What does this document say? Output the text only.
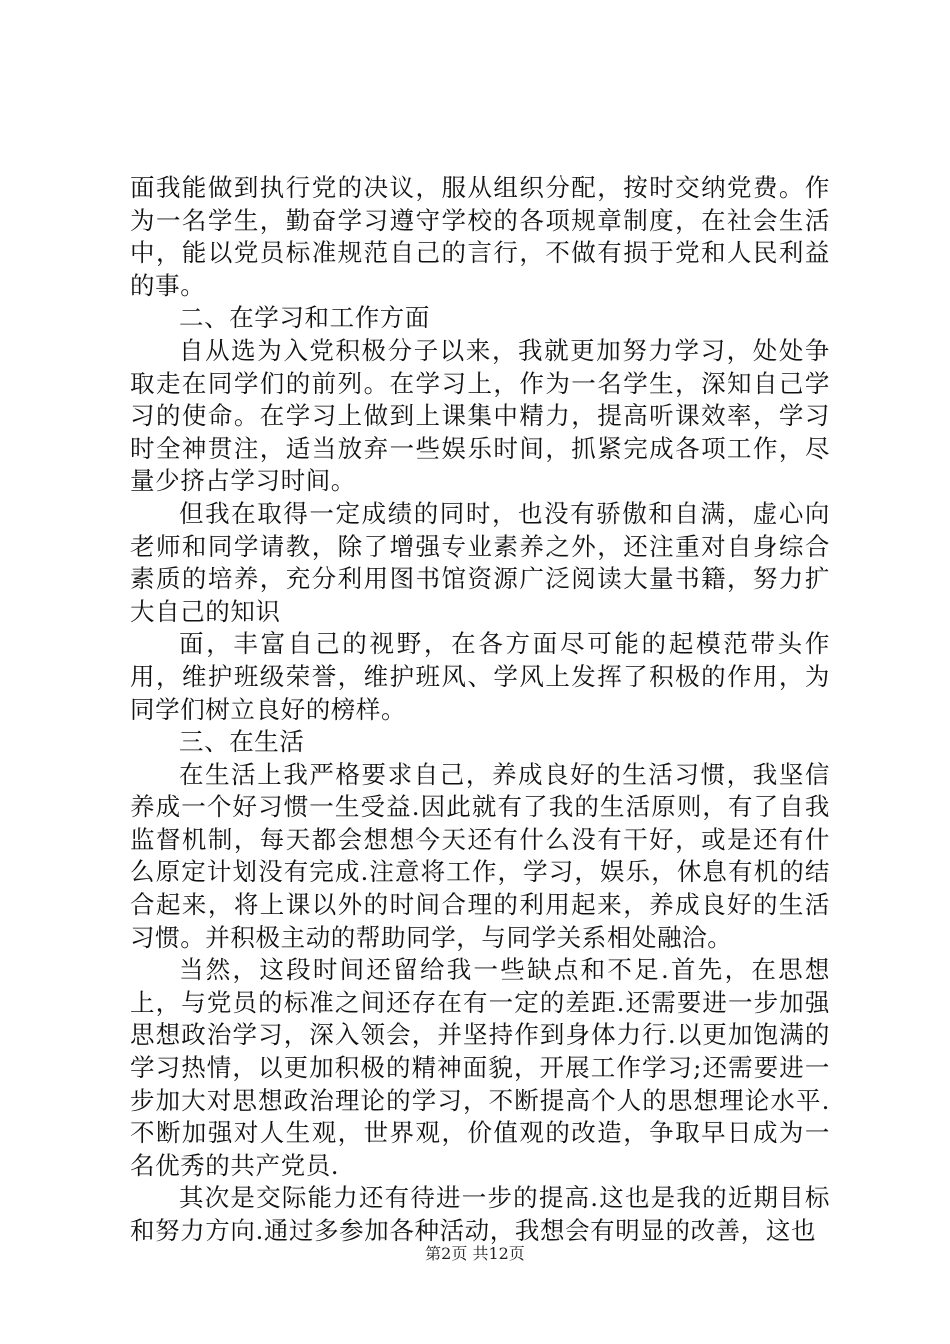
面我能做到执行党的决议，服从组织分配，按时交纳党费。作为一名学生，勤奋学习遵守学校的各项规章制度，在社会生活中，能以党员标准规范自己的言行，不做有损于党和人民利益的事。

二、在学习和工作方面

自从选为入党积极分子以来，我就更加努力学习，处处争取走在同学们的前列。在学习上，作为一名学生，深知自己学习的使命。在学习上做到上课集中精力，提高听课效率，学习时全神贯注，适当放弃一些娱乐时间，抓紧完成各项工作，尽量少挤占学习时间。

但我在取得一定成绩的同时，也没有骄傲和自满，虚心向老师和同学请教，除了增强专业素养之外，还注重对自身综合素质的培养，充分利用图书馆资源广泛阅读大量书籍，努力扩大自己的知识

面，丰富自己的视野，在各方面尽可能的起模范带头作用，维护班级荣誉，维护班风、学风上发挥了积极的作用，为同学们树立良好的榜样。

三、在生活

在生活上我严格要求自己，养成良好的生活习惯，我坚信养成一个好习惯一生受益.因此就有了我的生活原则，有了自我监督机制，每天都会想想今天还有什么没有干好，或是还有什么原定计划没有完成.注意将工作，学习，娱乐，休息有机的结合起来，将上课以外的时间合理的利用起来，养成良好的生活习惯。并积极主动的帮助同学，与同学关系相处融洽。

当然，这段时间还留给我一些缺点和不足.首先，在思想上，与党员的标准之间还存在有一定的差距.还需要进一步加强思想政治学习，深入领会，并坚持作到身体力行.以更加饱满的学习热情，以更加积极的精神面貌，开展工作学习;还需要进一步加大对思想政治理论的学习，不断提高个人的思想理论水平.不断加强对人生观，世界观，价值观的改造，争取早日成为一名优秀的共产党员.

其次是交际能力还有待进一步的提高.这也是我的近期目标和努力方向.通过多参加各种活动，我想会有明显的改善，这也

第2页 共12页
